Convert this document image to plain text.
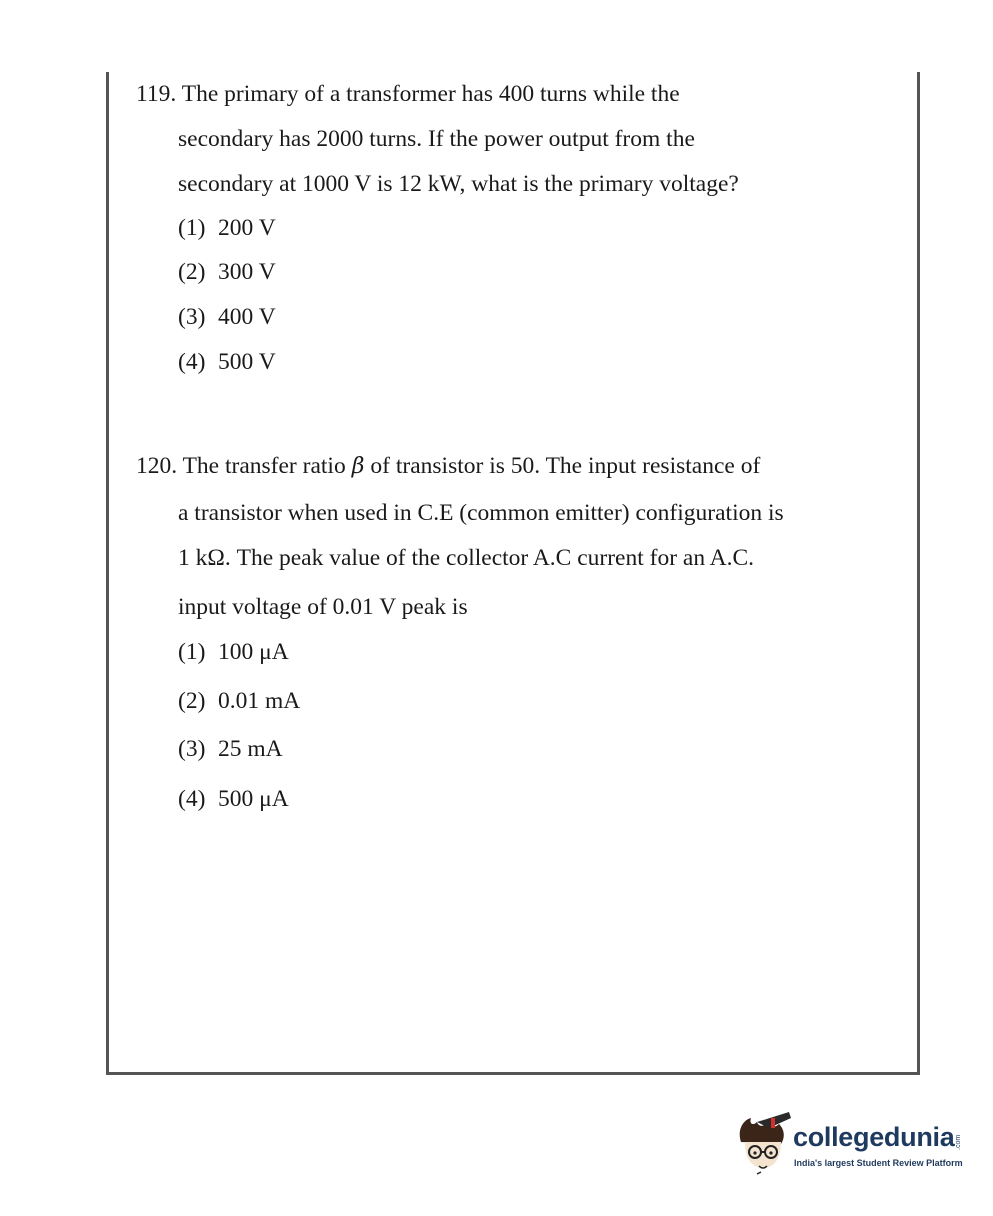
119. The primary of a transformer has 400 turns while the
secondary has 2000 turns. If the power output from the
secondary at 1000 V is 12 kW, what is the primary voltage?
(1) 200 V
(2) 300 V
(3) 400 V
(4) 500 V
120. The transfer ratio β of transistor is 50. The input resistance of
a transistor when used in C.E (common emitter) configuration is
1 kΩ. The peak value of the collector A.C current for an A.C.
input voltage of 0.01 V peak is
(1) 100 μA
(2) 0.01 mA
(3) 25 mA
(4) 500 μA
collegedunia .com
India's largest Student Review Platform
